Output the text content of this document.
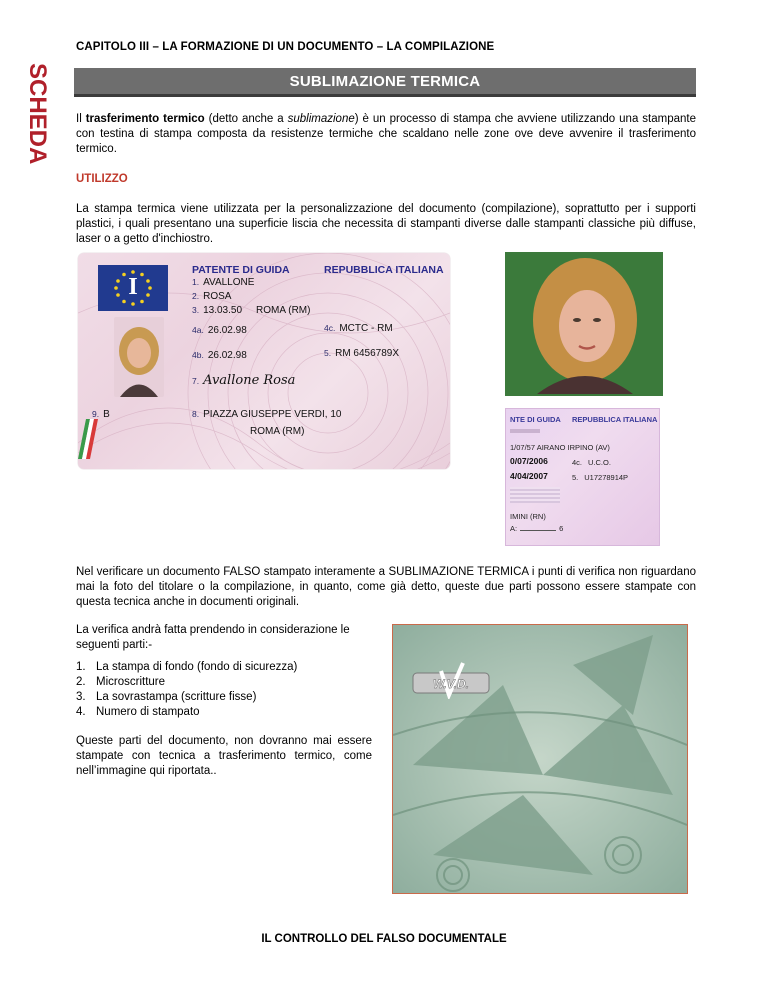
CAPITOLO III – LA FORMAZIONE DI UN DOCUMENTO – LA COMPILAZIONE
SCHEDA	SUBLIMAZIONE TERMICA
Il trasferimento termico (detto anche a sublimazione) è un processo di stampa che avviene utilizzando una stampante con testina di stampa composta da resistenze termiche che scaldano nelle zone ove deve avvenire il trasferimento termico.
UTILIZZO
La stampa termica viene utilizzata per la personalizzazione del documento (compilazione), soprattutto per i supporti plastici, i quali presentano una superficie liscia che necessita di stampanti diverse dalle stampanti classiche più diffuse, laser o a getto d'inchiostro.
I
PATENTE DI GUIDA	REPUBBLICA ITALIANA
1. AVALLONE
2. ROSA
3. 13.03.50 ROMA (RM)
4a. 26.02.98	4c. MCTC - RM
4b. 26.02.98	5. RM 6456789X
7. Avallone Rosa
9. B	8. PIAZZA GIUSEPPE VERDI, 10
ROMA (RM)
NTE DI GUIDA REPUBBLICA ITALIANA
1/07/57 AIRANO IRPINO (AV)
0/07/2006	4c. U.C.O.
4/04/2007	5. U17278914P
IMINI (RN)
A:	6
Nel verificare un documento FALSO stampato interamente a SUBLIMAZIONE TERMICA i punti di verifica non riguardano mai la foto del titolare o la compilazione, in quanto, come già detto, queste due parti possono essere stampate con questa tecnica anche in documenti originali.
La verifica andrà fatta prendendo in considerazione le seguenti parti:-
1. La stampa di fondo (fondo di sicurezza)
2. Microscritture
3. La sovrastampa (scritture fisse)
4. Numero di stampato
Queste parti del documento, non dovranno mai essere stampate con tecnica a trasferimento termico, come nell’immagine qui riportata..
W.V.D.
IL CONTROLLO DEL FALSO DOCUMENTALE
